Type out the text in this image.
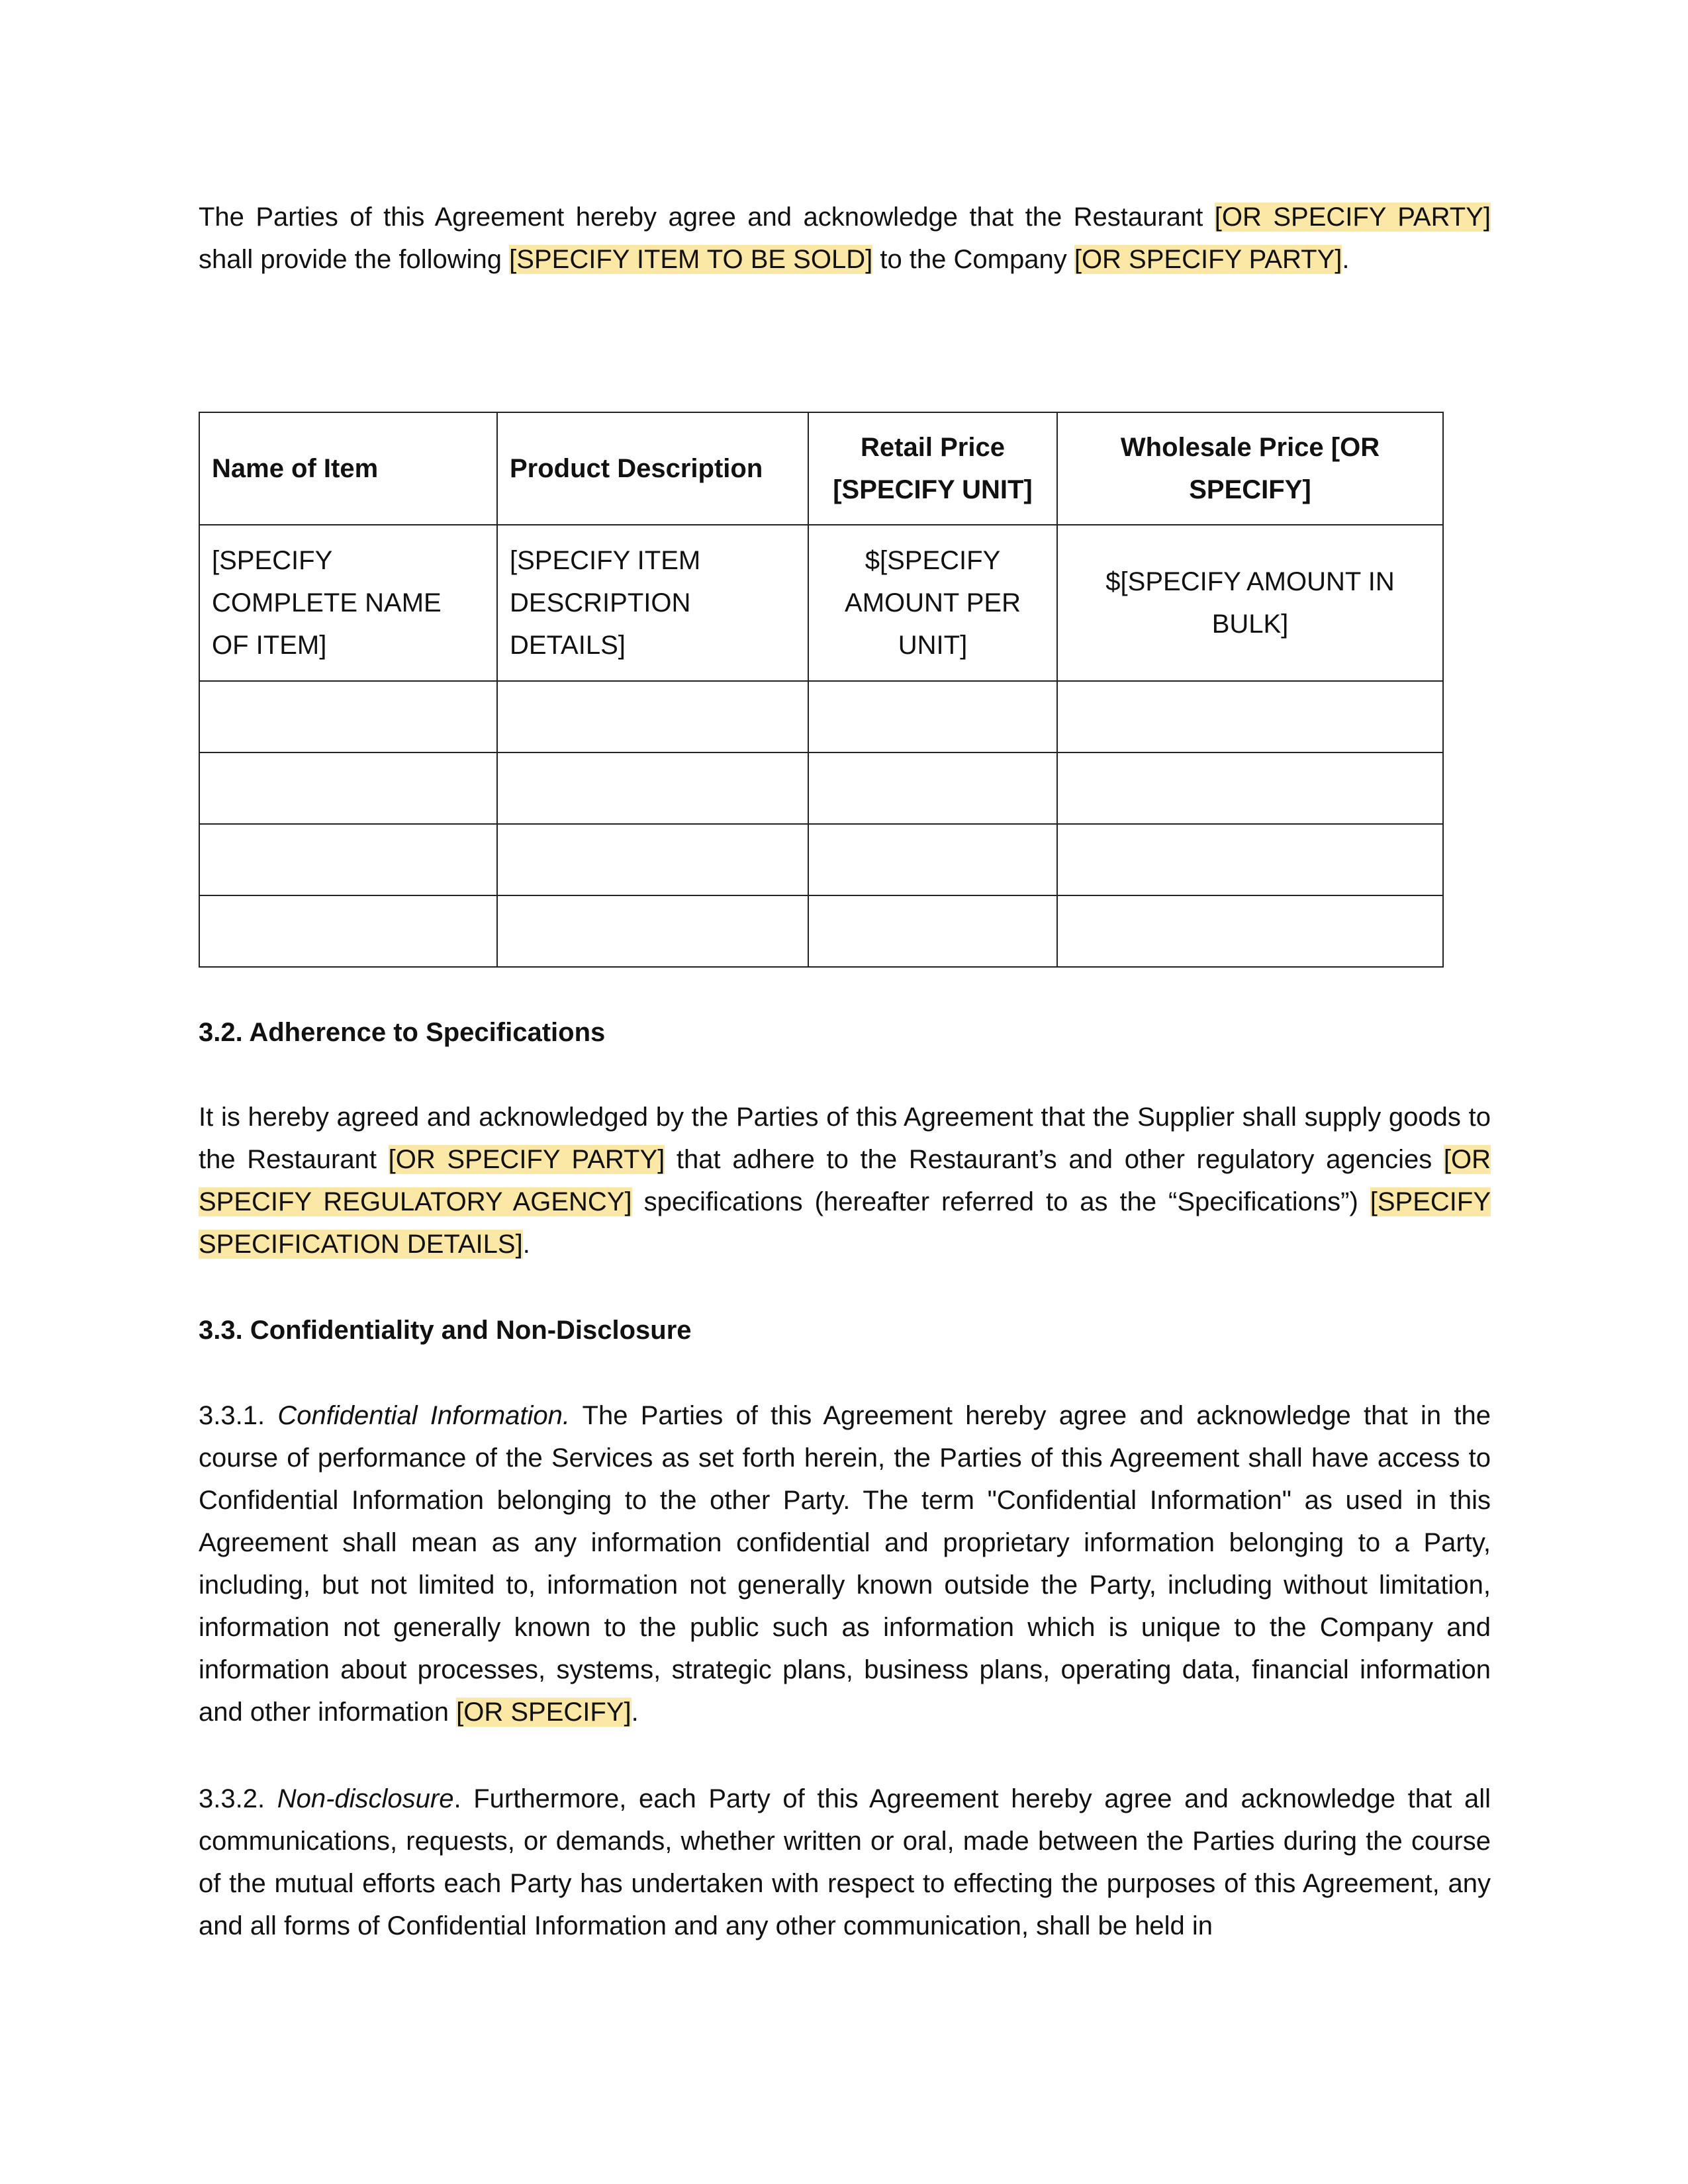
The Parties of this Agreement hereby agree and acknowledge that the Restaurant [OR SPECIFY PARTY] shall provide the following [SPECIFY ITEM TO BE SOLD] to the Company [OR SPECIFY PARTY].

Name of Item	Product Description	Retail Price [SPECIFY UNIT]	Wholesale Price [OR SPECIFY]
[SPECIFY COMPLETE NAME OF ITEM]	[SPECIFY ITEM DESCRIPTION DETAILS]	$[SPECIFY AMOUNT PER UNIT]	$[SPECIFY AMOUNT IN BULK]

3.2. Adherence to Specifications

It is hereby agreed and acknowledged by the Parties of this Agreement that the Supplier shall supply goods to the Restaurant [OR SPECIFY PARTY] that adhere to the Restaurant’s and other regulatory agencies [OR SPECIFY REGULATORY AGENCY] specifications (hereafter referred to as the “Specifications”) [SPECIFY SPECIFICATION DETAILS].

3.3. Confidentiality and Non-Disclosure

3.3.1. Confidential Information. The Parties of this Agreement hereby agree and acknowledge that in the course of performance of the Services as set forth herein, the Parties of this Agreement shall have access to Confidential Information belonging to the other Party. The term "Confidential Information" as used in this Agreement shall mean as any information confidential and proprietary information belonging to a Party, including, but not limited to, information not generally known outside the Party, including without limitation, information not generally known to the public such as information which is unique to the Company and information about processes, systems, strategic plans, business plans, operating data, financial information and other information [OR SPECIFY].

3.3.2. Non-disclosure. Furthermore, each Party of this Agreement hereby agree and acknowledge that all communications, requests, or demands, whether written or oral, made between the Parties during the course of the mutual efforts each Party has undertaken with respect to effecting the purposes of this Agreement, any and all forms of Confidential Information and any other communication, shall be held in
